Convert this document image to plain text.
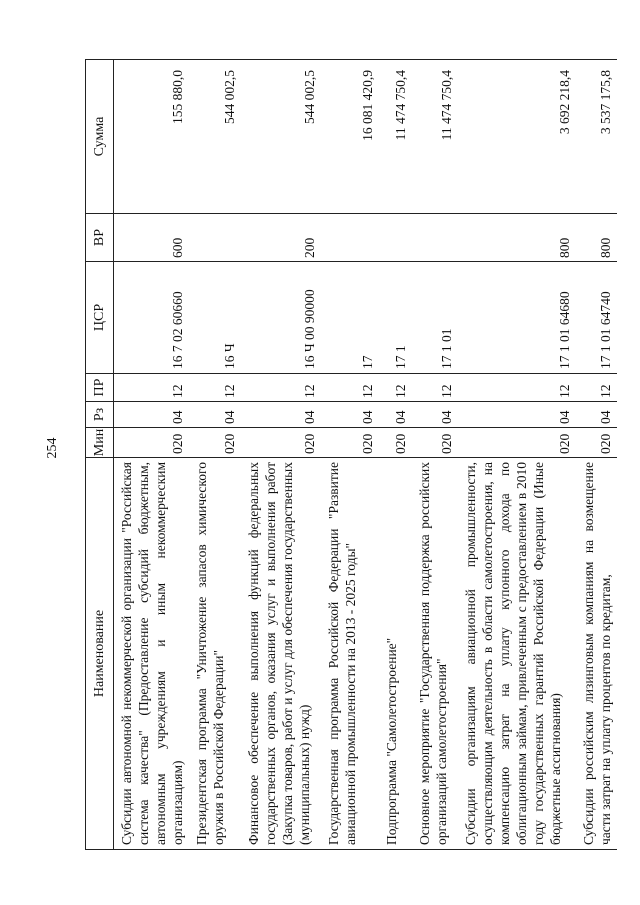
254
Наименование	Мин	Рз	ПР	ЦСР	ВР	Сумма
Субсидии автономной некоммерческой организации "Российская система качества" (Предоставление субсидий бюджетным, автономным учреждениям и иным некоммерческим организациям)	020	04	12	16 7 02 60660	600	155 880,0
Президентская программа "Уничтожение запасов химического оружия в Российской Федерации"	020	04	12	16 Ч		544 002,5
Финансовое обеспечение выполнения функций федеральных государственных органов, оказания услуг и выполнения работ (Закупка товаров, работ и услуг для обеспечения государственных (муниципальных) нужд)	020	04	12	16 Ч 00 90000	200	544 002,5
Государственная программа Российской Федерации "Развитие авиационной промышленности на 2013 - 2025 годы"	020	04	12	17		16 081 420,9
Подпрограмма "Самолетостроение"	020	04	12	17 1		11 474 750,4
Основное мероприятие "Государственная поддержка российских организаций самолетостроения"	020	04	12	17 1 01		11 474 750,4
Субсидии организациям авиационной промышленности, осуществляющим деятельность в области самолетостроения, на компенсацию затрат на уплату купонного дохода по облигационным займам, привлеченным с предоставлением в 2010 году государственных гарантий Российской Федерации (Иные бюджетные ассигнования)	020	04	12	17 1 01 64680	800	3 692 218,4
Субсидии российским лизинговым компаниям на возмещение части затрат на уплату процентов по кредитам,	020	04	12	17 1 01 64740	800	3 537 175,8
